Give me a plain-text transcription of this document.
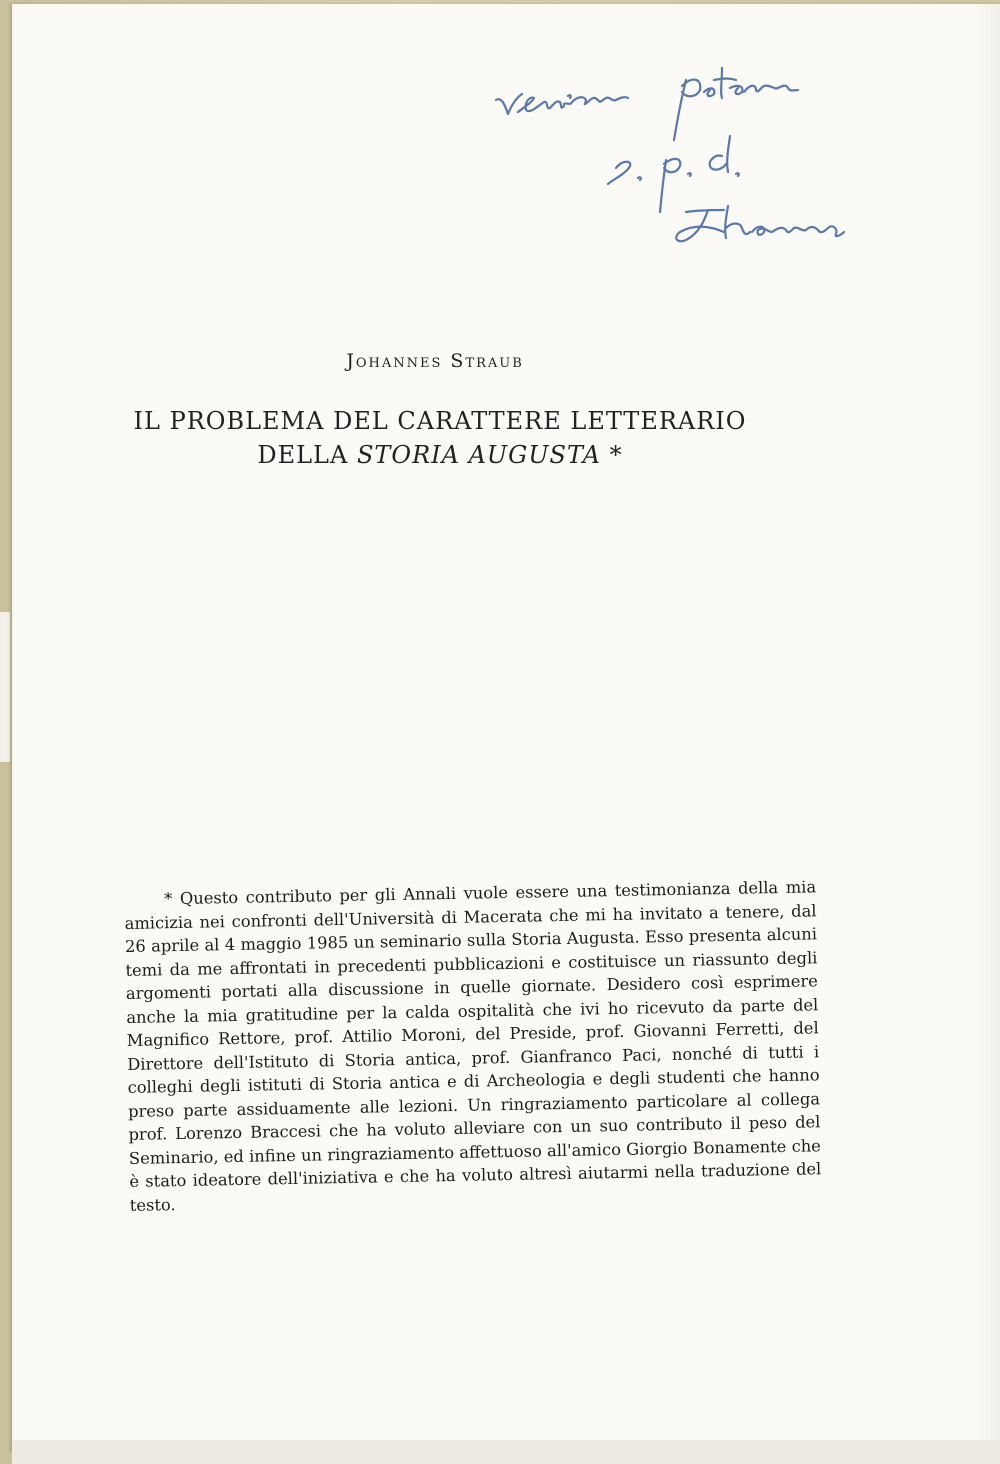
Johannes Straub
IL PROBLEMA DEL CARATTERE LETTERARIO
DELLA STORIA AUGUSTA *
* Questo contributo per gli Annali vuole essere una testimonianza della mia amicizia nei confronti dell'Università di Macerata che mi ha invitato a tenere, dal 26 aprile al 4 maggio 1985 un seminario sulla Storia Augusta. Esso presenta alcuni temi da me affrontati in precedenti pubblicazioni e costituisce un riassunto degli argomenti portati alla discussione in quelle giornate. Desidero così esprimere anche la mia gratitudine per la calda ospitalità che ivi ho ricevuto da parte del Magnifico Rettore, prof. Attilio Moroni, del Preside, prof. Giovanni Ferretti, del Direttore dell'Istituto di Storia antica, prof. Gianfranco Paci, nonché di tutti i colleghi degli istituti di Storia antica e di Archeologia e degli studenti che hanno preso parte assiduamente alle lezioni. Un ringraziamento particolare al collega prof. Lorenzo Braccesi che ha voluto alleviare con un suo contributo il peso del Seminario, ed infine un ringraziamento affettuoso all'amico Giorgio Bonamente che è stato ideatore dell'iniziativa e che ha voluto altresì aiutarmi nella traduzione del testo.
